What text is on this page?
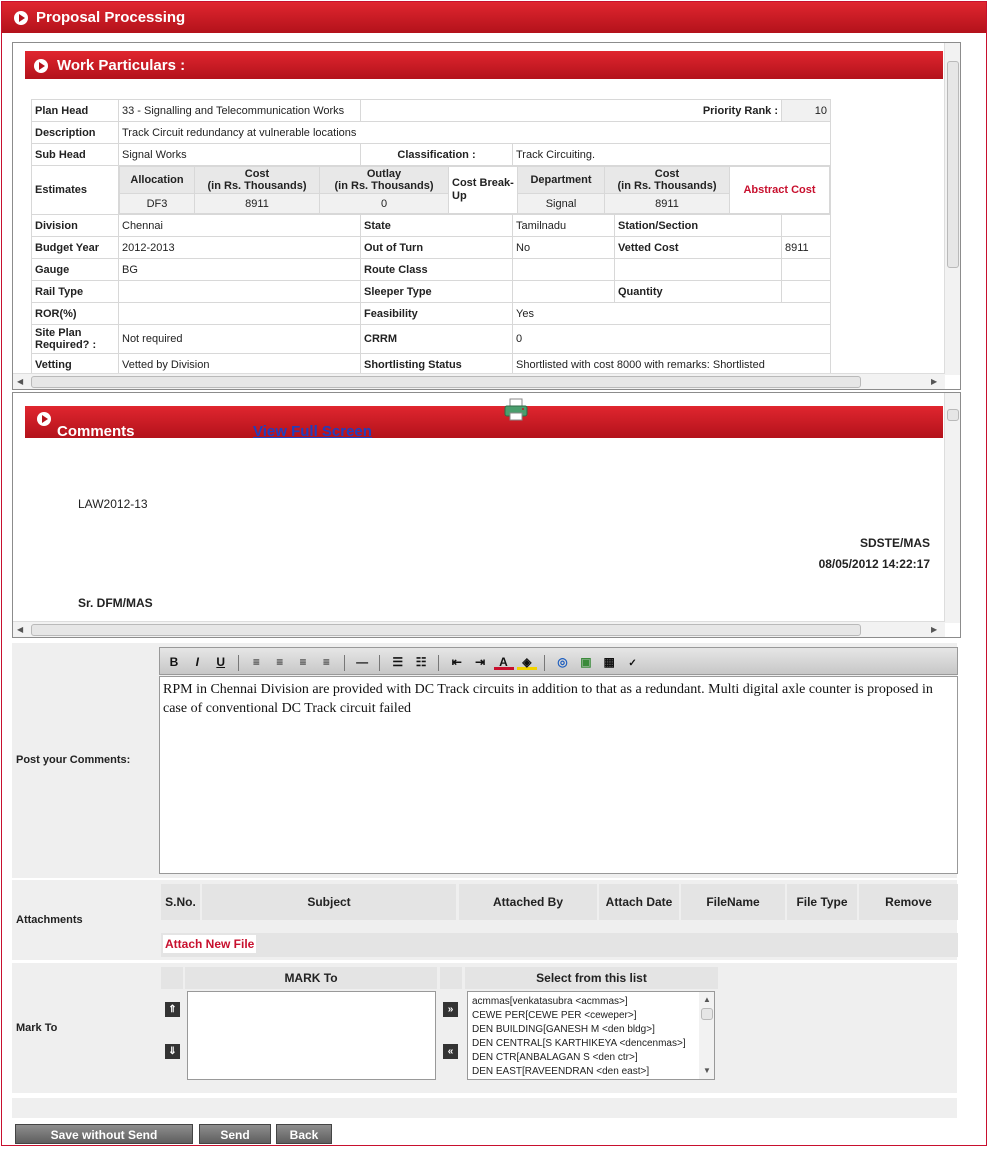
Proposal Processing
Work Particulars :
Plan Head	33 - Signalling and Telecommunication Works	Priority Rank :	10
Description	Track Circuit redundancy at vulnerable locations
Sub Head	Signal Works	Classification :	Track Circuiting.
Estimates	
Allocation	Cost
(in Rs. Thousands)	Outlay
(in Rs. Thousands)	Cost Break-Up	Department	Cost
(in Rs. Thousands)	Abstract Cost
DF3	8911	0	Signal	8911

Division	Chennai	State	Tamilnadu	Station/Section	
Budget Year	2012-2013	Out of Turn	No	Vetted Cost	8911
Gauge	BG	Route Class			
Rail Type		Sleeper Type		Quantity	
ROR(%)		Feasibility	Yes
Site Plan Required? :	Not required	CRRM	0
Vetting	Vetted by Division	Shortlisting Status	Shortlisted with cost 8000 with remarks: Shortlisted
◀	▶
Comments	View Full Screen
LAW2012-13
SDSTE/MAS
08/05/2012 14:22:17
Sr. DFM/MAS
◀	▶
Post your Comments:
B I U ≡ ≡ ≡ ≡ — ☰ ☷ ⇤ ⇥ A ◈ ◎ ▣ ▦ ✓
RPM in Chennai Division are provided with DC Track circuits in addition to that as a redundant. Multi digital axle counter is proposed in case of conventional DC Track circuit failed
Attachments
S.No.	Subject	Attached By	Attach Date	FileName	File Type	Remove
Attach New File
Mark To
MARK To	Select from this list
⇑
⇓
»
«
acmmas[venkatasubra <acmmas>]
CEWE PER[CEWE PER <ceweper>]
DEN BUILDING[GANESH M <den bldg>]
DEN CENTRAL[S KARTHIKEYA <dencenmas>]
DEN CTR[ANBALAGAN S <den ctr>]
DEN EAST[RAVEENDRAN <den east>]
▲
▼
Save without Send	Send	Back
